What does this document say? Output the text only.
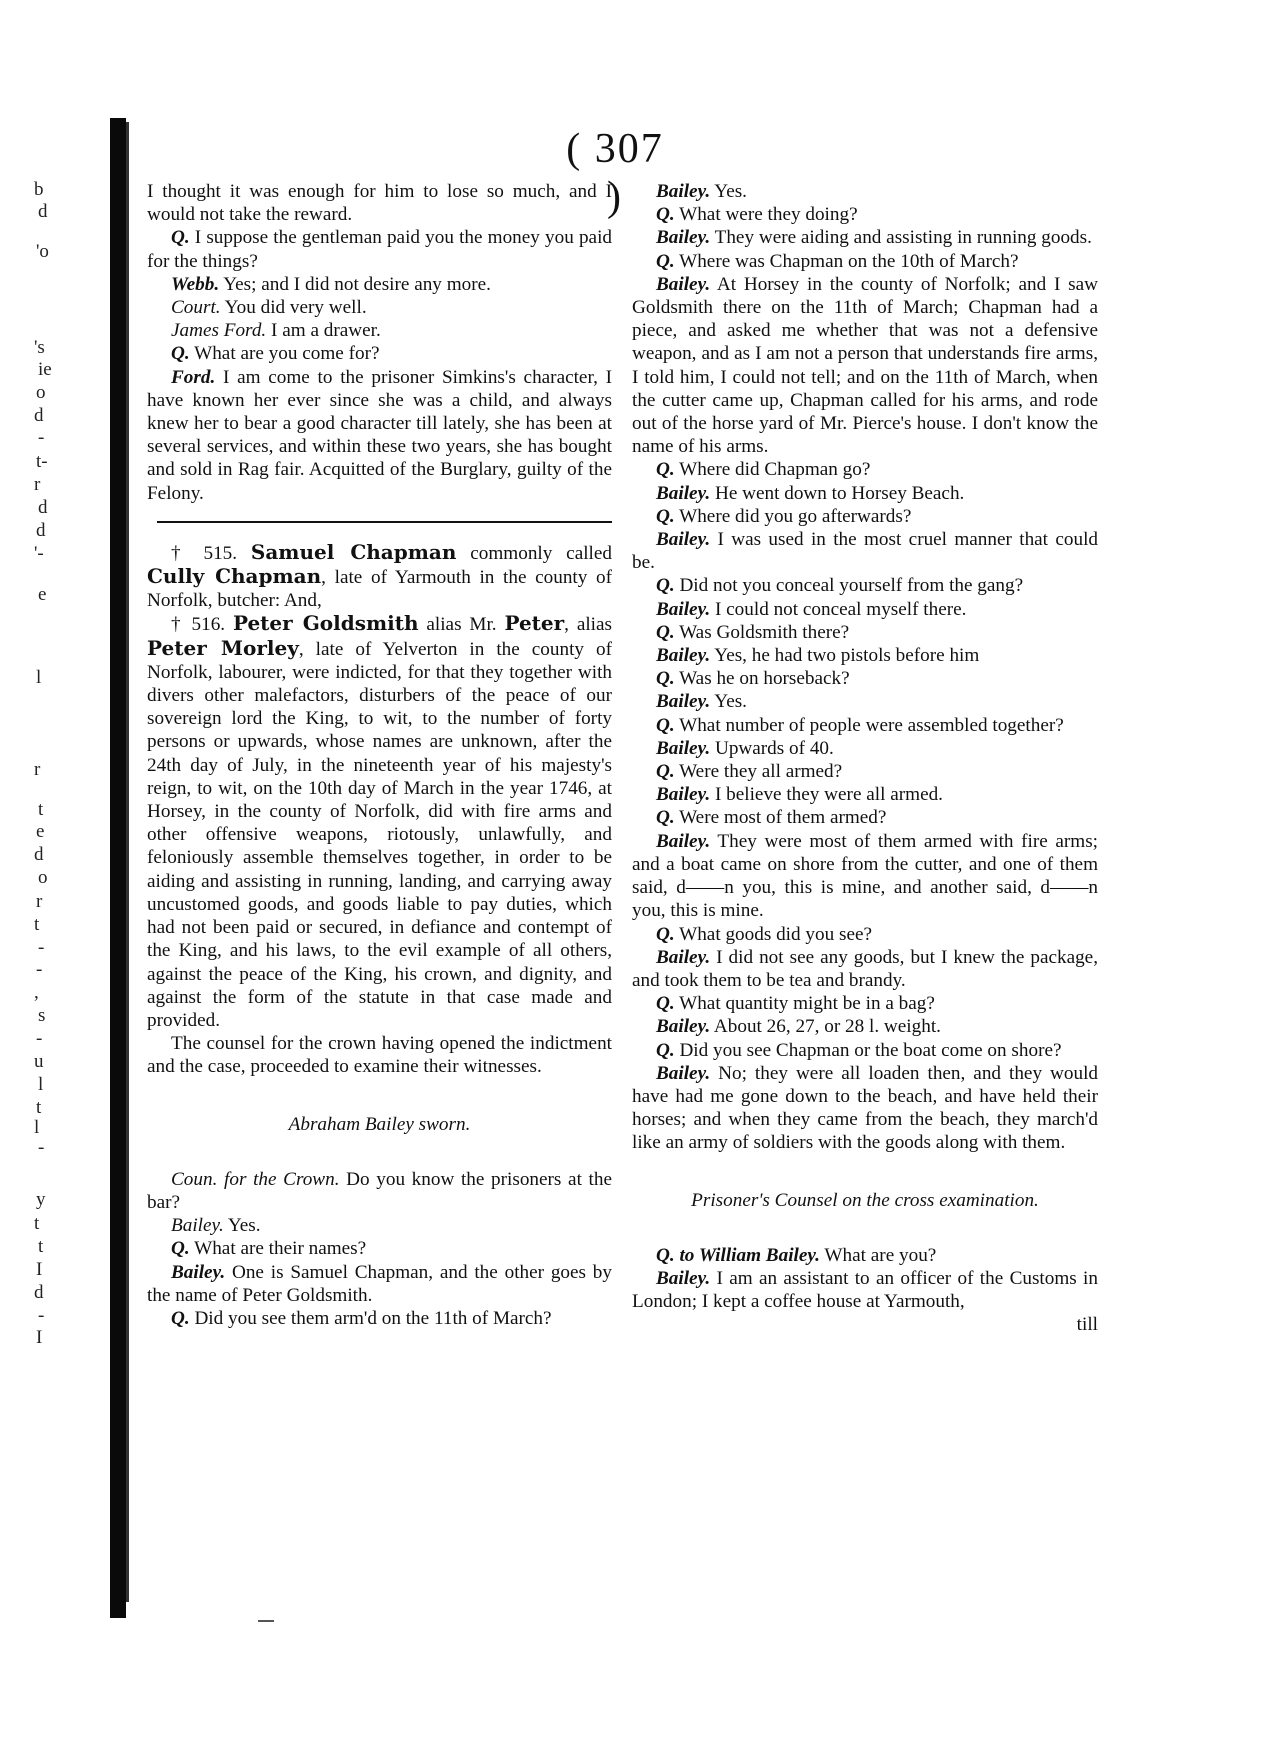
b
d
'o
's
ie
o
d
-
t-
r
d
d
'-
e
l
r
t
e
d
o
r
t
-
-
,
s
-
u
l
t
l
-
y
t
t
I
d
-
I
( 307 )

I thought it was enough for him to lose so much, and I would not take the reward.

Q. I suppose the gentleman paid you the money you paid for the things?

Webb. Yes; and I did not desire any more.

Court. You did very well.

James Ford. I am a drawer.

Q. What are you come for?

Ford. I am come to the prisoner Simkins's character, I have known her ever since she was a child, and always knew her to bear a good character till lately, she has been at several services, and within these two years, she has bought and sold in Rag fair. Acquitted of the Burglary, guilty of the Felony.

† 515. Samuel Chapman commonly called Cully Chapman, late of Yarmouth in the county of Norfolk, butcher: And,

† 516. Peter Goldsmith alias Mr. Peter, alias Peter Morley, late of Yelverton in the county of Norfolk, labourer, were indicted, for that they together with divers other malefactors, disturbers of the peace of our sovereign lord the King, to wit, to the number of forty persons or upwards, whose names are unknown, after the 24th day of July, in the nineteenth year of his majesty's reign, to wit, on the 10th day of March in the year 1746, at Horsey, in the county of Norfolk, did with fire arms and other offensive weapons, riotously, unlawfully, and feloniously assemble themselves together, in order to be aiding and assisting in running, landing, and carrying away uncustomed goods, and goods liable to pay duties, which had not been paid or secured, in defiance and contempt of the King, and his laws, to the evil example of all others, against the peace of the King, his crown, and dignity, and against the form of the statute in that case made and provided.

The counsel for the crown having opened the indictment and the case, proceeded to examine their witnesses.

Abraham Bailey sworn.

Coun. for the Crown. Do you know the prisoners at the bar?

Bailey. Yes.

Q. What are their names?

Bailey. One is Samuel Chapman, and the other goes by the name of Peter Goldsmith.

Q. Did you see them arm'd on the 11th of March?

Bailey. Yes.

Q. What were they doing?

Bailey. They were aiding and assisting in running goods.

Q. Where was Chapman on the 10th of March?

Bailey. At Horsey in the county of Norfolk; and I saw Goldsmith there on the 11th of March; Chapman had a piece, and asked me whether that was not a defensive weapon, and as I am not a person that understands fire arms, I told him, I could not tell; and on the 11th of March, when the cutter came up, Chapman called for his arms, and rode out of the horse yard of Mr. Pierce's house. I don't know the name of his arms.

Q. Where did Chapman go?

Bailey. He went down to Horsey Beach.

Q. Where did you go afterwards?

Bailey. I was used in the most cruel manner that could be.

Q. Did not you conceal yourself from the gang?

Bailey. I could not conceal myself there.

Q. Was Goldsmith there?

Bailey. Yes, he had two pistols before him

Q. Was he on horseback?

Bailey. Yes.

Q. What number of people were assembled together?

Bailey. Upwards of 40.

Q. Were they all armed?

Bailey. I believe they were all armed.

Q. Were most of them armed?

Bailey. They were most of them armed with fire arms; and a boat came on shore from the cutter, and one of them said, d——n you, this is mine, and another said, d——n you, this is mine.

Q. What goods did you see?

Bailey. I did not see any goods, but I knew the package, and took them to be tea and brandy.

Q. What quantity might be in a bag?

Bailey. About 26, 27, or 28 l. weight.

Q. Did you see Chapman or the boat come on shore?

Bailey. No; they were all loaden then, and they would have had me gone down to the beach, and have held their horses; and when they came from the beach, they march'd like an army of soldiers with the goods along with them.

Prisoner's Counsel on the cross examination.

Q. to William Bailey. What are you?

Bailey. I am an assistant to an officer of the Customs in London; I kept a coffee house at Yarmouth,

till
